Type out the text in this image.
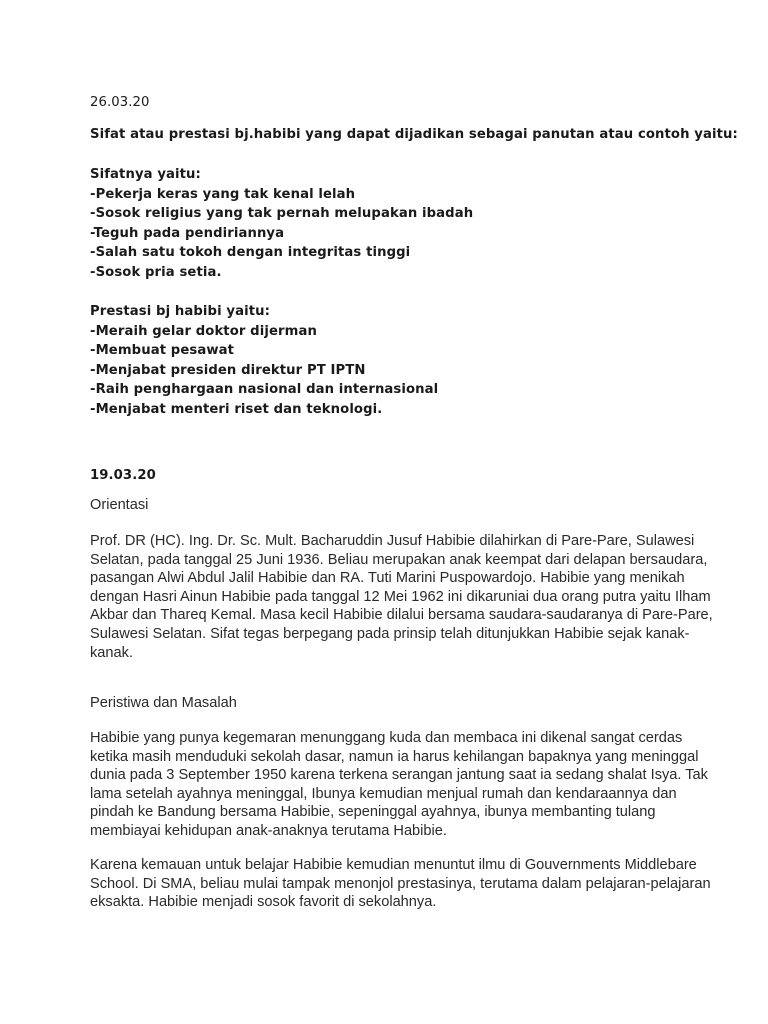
26.03.20

Sifat atau prestasi bj.habibi yang dapat dijadikan sebagai panutan atau contoh yaitu:

Sifatnya yaitu:
-Pekerja keras yang tak kenal lelah
-Sosok religius yang tak pernah melupakan ibadah
-Teguh pada pendiriannya
-Salah satu tokoh dengan integritas tinggi
-Sosok pria setia.
Prestasi bj habibi yaitu:
-Meraih gelar doktor dijerman
-Membuat pesawat
-Menjabat presiden direktur PT IPTN
-Raih penghargaan nasional dan internasional
-Menjabat menteri riset dan teknologi.

19.03.20

Orientasi

Prof. DR (HC). Ing. Dr. Sc. Mult. Bacharuddin Jusuf Habibie dilahirkan di Pare-Pare, Sulawesi
Selatan, pada tanggal 25 Juni 1936. Beliau merupakan anak keempat dari delapan bersaudara,
pasangan Alwi Abdul Jalil Habibie dan RA. Tuti Marini Puspowardojo. Habibie yang menikah
dengan Hasri Ainun Habibie pada tanggal 12 Mei 1962 ini dikaruniai dua orang putra yaitu Ilham
Akbar dan Thareq Kemal. Masa kecil Habibie dilalui bersama saudara-saudaranya di Pare-Pare,
Sulawesi Selatan. Sifat tegas berpegang pada prinsip telah ditunjukkan Habibie sejak kanak-
kanak.

Peristiwa dan Masalah

Habibie yang punya kegemaran menunggang kuda dan membaca ini dikenal sangat cerdas
ketika masih menduduki sekolah dasar, namun ia harus kehilangan bapaknya yang meninggal
dunia pada 3 September 1950 karena terkena serangan jantung saat ia sedang shalat Isya. Tak
lama setelah ayahnya meninggal, Ibunya kemudian menjual rumah dan kendaraannya dan
pindah ke Bandung bersama Habibie, sepeninggal ayahnya, ibunya membanting tulang
membiayai kehidupan anak-anaknya terutama Habibie.
Karena kemauan untuk belajar Habibie kemudian menuntut ilmu di Gouvernments Middlebare
School. Di SMA, beliau mulai tampak menonjol prestasinya, terutama dalam pelajaran-pelajaran
eksakta. Habibie menjadi sosok favorit di sekolahnya.
